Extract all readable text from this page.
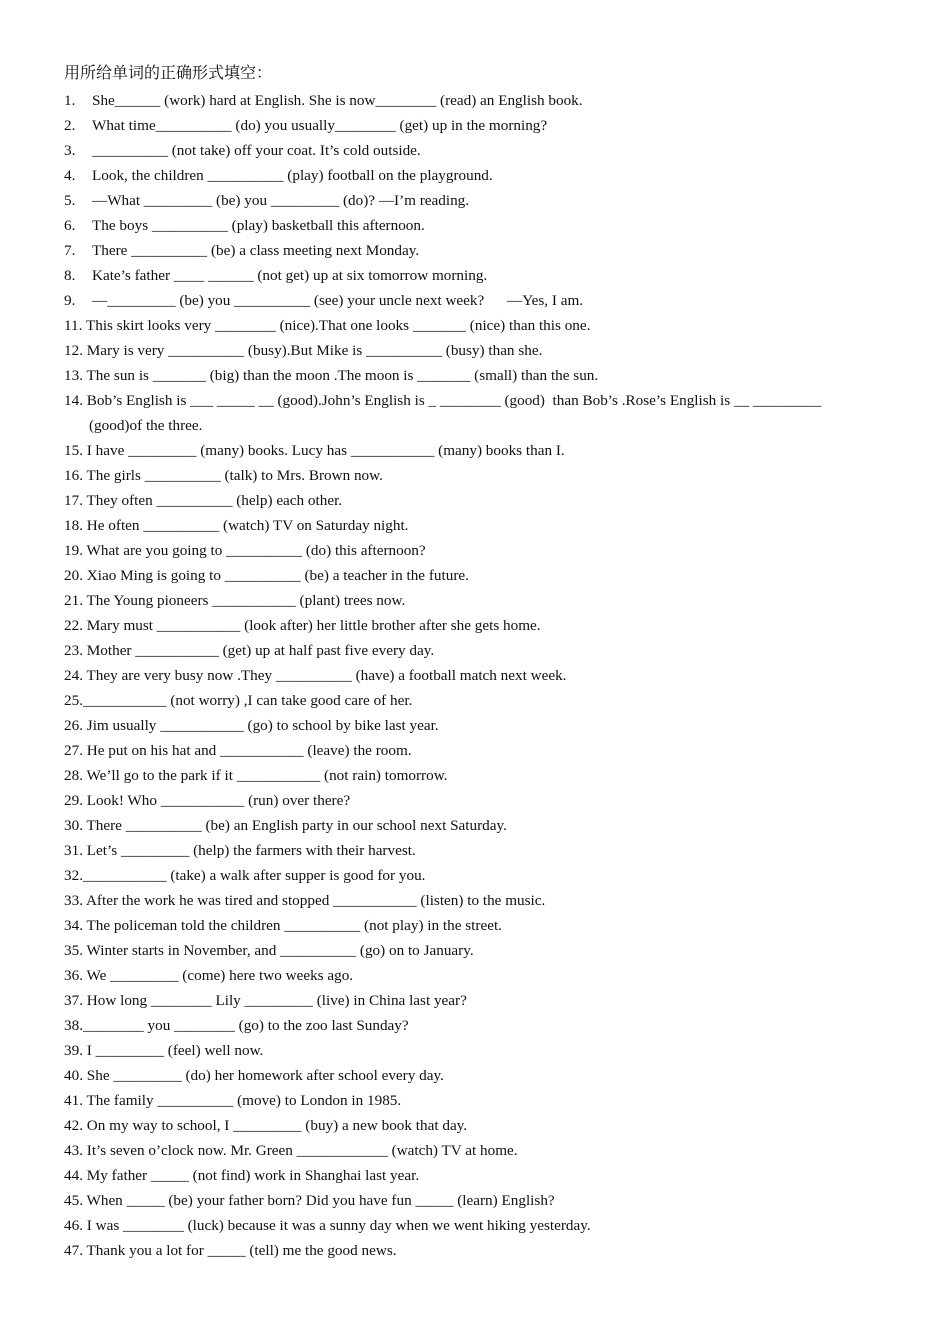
用所给单词的正确形式填空：
1. She______ (work) hard at English. She is now________ (read) an English book.
2. What time__________ (do) you usually________ (get) up in the morning?
3. __________ (not take) off your coat. It’s cold outside.
4. Look, the children __________ (play) football on the playground.
5. —What _________ (be) you _________ (do)? —I’m reading.
6. The boys __________ (play) basketball this afternoon.
7. There __________ (be) a class meeting next Monday.
8. Kate’s father ____ ______ (not get) up at six tomorrow morning.
9. —_________ (be) you __________ (see) your uncle next week?      —Yes, I am.
11. This skirt looks very ________ (nice).That one looks _______ (nice) than this one.
12. Mary is very __________ (busy).But Mike is __________ (busy) than she.
13. The sun is _______ (big) than the moon .The moon is _______ (small) than the sun.
14. Bob’s English is ___ _____ __ (good).John’s English is _ ________ (good)  than Bob’s .Rose’s English is __ _________
(good)of the three.
15. I have _________ (many) books. Lucy has ___________ (many) books than I.
16. The girls __________ (talk) to Mrs. Brown now.
17. They often __________ (help) each other.
18. He often __________ (watch) TV on Saturday night.
19. What are you going to __________ (do) this afternoon?
20. Xiao Ming is going to __________ (be) a teacher in the future.
21. The Young pioneers ___________ (plant) trees now.
22. Mary must ___________ (look after) her little brother after she gets home.
23. Mother ___________ (get) up at half past five every day.
24. They are very busy now .They __________ (have) a football match next week.
25.___________ (not worry) ,I can take good care of her.
26. Jim usually ___________ (go) to school by bike last year.
27. He put on his hat and ___________ (leave) the room.
28. We’ll go to the park if it ___________ (not rain) tomorrow.
29. Look! Who ___________ (run) over there?
30. There __________ (be) an English party in our school next Saturday.
31. Let’s _________ (help) the farmers with their harvest.
32.___________ (take) a walk after supper is good for you.
33. After the work he was tired and stopped ___________ (listen) to the music.
34. The policeman told the children __________ (not play) in the street.
35. Winter starts in November, and __________ (go) on to January.
36. We _________ (come) here two weeks ago.
37. How long ________ Lily _________ (live) in China last year?
38.________ you ________ (go) to the zoo last Sunday?
39. I _________ (feel) well now.
40. She _________ (do) her homework after school every day.
41. The family __________ (move) to London in 1985.
42. On my way to school, I _________ (buy) a new book that day.
43. It’s seven o’clock now. Mr. Green ____________ (watch) TV at home.
44. My father _____ (not find) work in Shanghai last year.
45. When _____ (be) your father born? Did you have fun _____ (learn) English?
46. I was ________ (luck) because it was a sunny day when we went hiking yesterday.
47. Thank you a lot for _____ (tell) me the good news.
